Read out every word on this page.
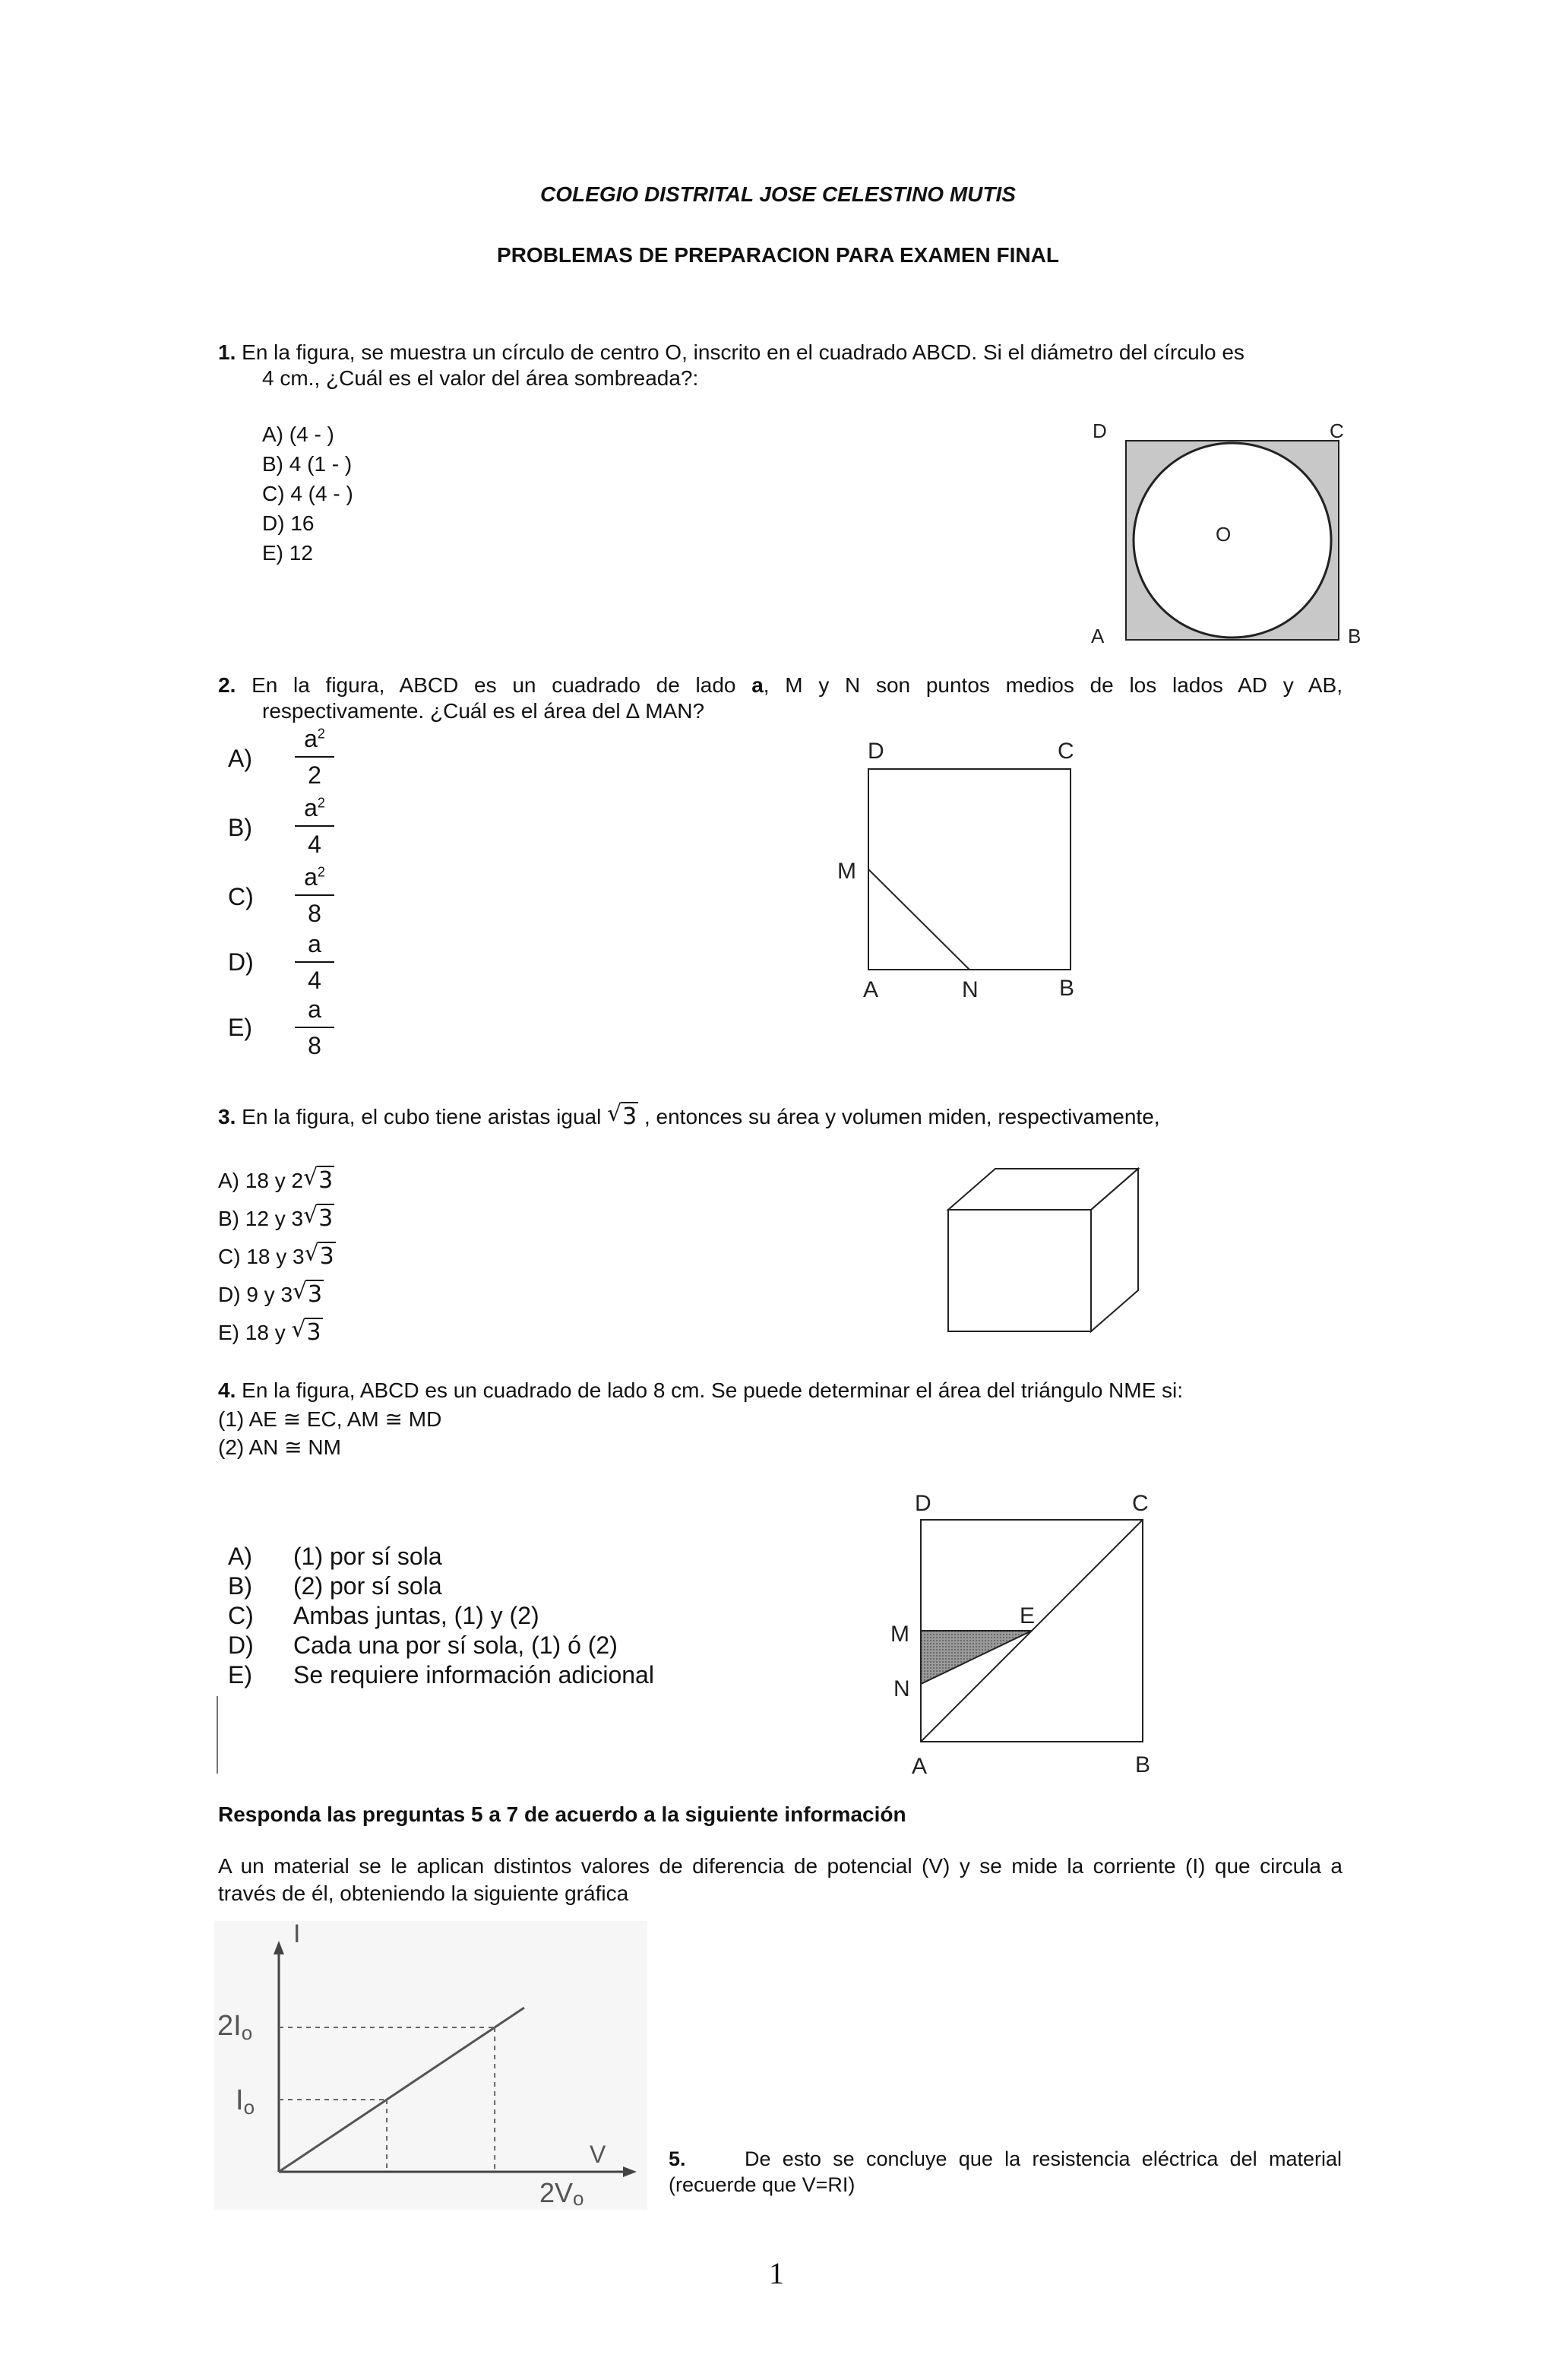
COLEGIO DISTRITAL JOSE CELESTINO MUTIS
PROBLEMAS DE PREPARACION PARA EXAMEN FINAL
1. En la figura, se muestra un círculo de centro O, inscrito en el cuadrado ABCD. Si el diámetro del círculo es
4 cm., ¿Cuál es el valor del área sombreada?:
A) (4 - )
B) 4 (1 - )
C) 4 (4 - )
D) 16
E) 12
D	C
O
A	B
2. En la figura, ABCD es un cuadrado de lado a, M y N son puntos medios de los lados AD y AB,
respectivamente. ¿Cuál es el área del ∆ MAN?
A)
$a^2$
2
B)
$a^2$
4
C)
$a^2$
8
D)
a
4
E)
a
8
D	C
M
A	N	B
3. En la figura, el cubo tiene aristas igual √ 3 , entonces su área y volumen miden, respectivamente,
A) 18 y 2 √ 3
B) 12 y 3 √ 3
C) 18 y 3 √ 3
D) 9 y 3 √ 3
E) 18 y √ 3
4. En la figura, ABCD es un cuadrado de lado 8 cm. Se puede determinar el área del triángulo NME si:
(1) AE ≅ EC, AM ≅ MD
(2) AN ≅ NM
A) (1) por sí sola
B) (2) por sí sola
C) Ambas juntas, (1) y (2)
D) Cada una por sí sola, (1) ó (2)
E) Se requiere información adicional
D	C
M
E
N
A	B
Responda las preguntas 5 a 7 de acuerdo a la siguiente información
A un material se le aplican distintos valores de diferencia de potencial (V) y se mide la corriente (I) que circula a
través de él, obteniendo la siguiente gráfica
I
V
2Io
Io
2Vo
5.	De esto se concluye que la resistencia eléctrica del material
(recuerde que V=RI)
1
